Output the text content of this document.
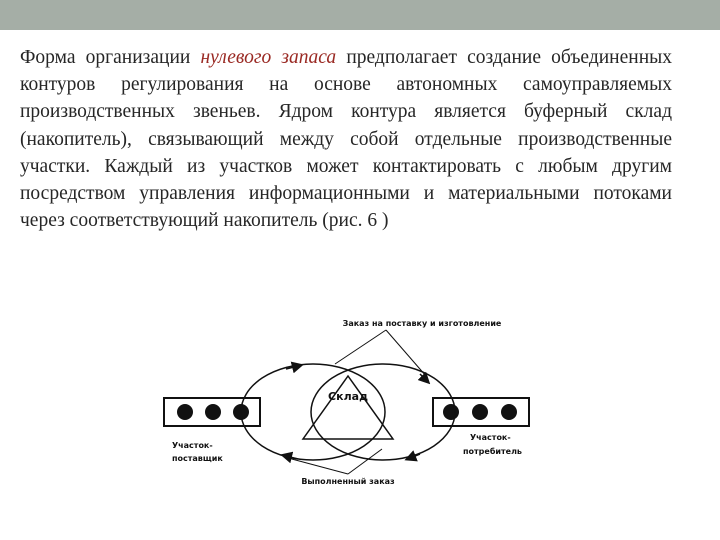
Форма организации нулевого запаса предполагает создание объединенных контуров регулирования на основе автономных самоуправляемых производственных звеньев. Ядром контура является буферный склад (накопитель), связывающий между собой отдельные производственные участки. Каждый из участков может контактировать с любым другим посредством управления информационными и материальными потоками через соответствующий накопитель (рис. 6 )

Склад
Заказ на поставку и изготовление
Выполненный заказ
Участок-
поставщик
Участок-
потребитель
